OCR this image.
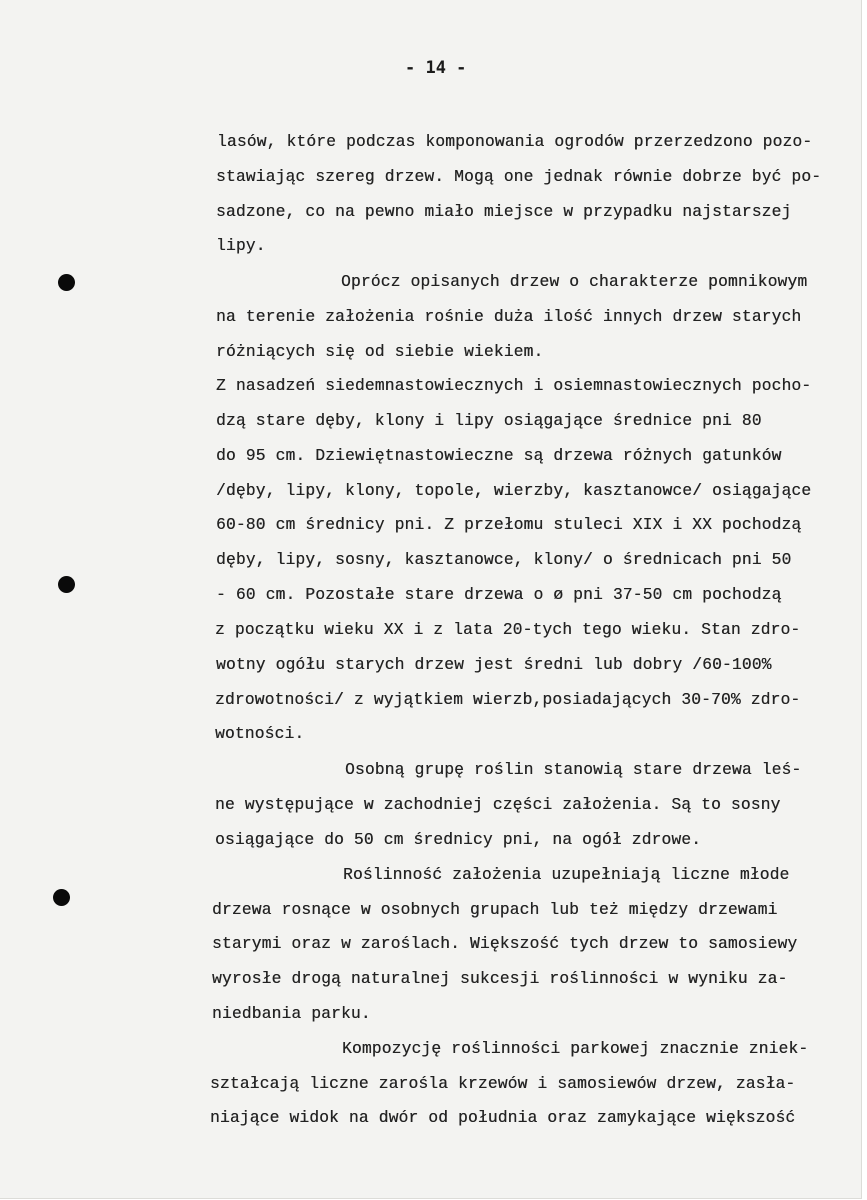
- 14 -
lasów, które podczas komponowania ogrodów przerzedzono pozo-
stawiając szereg drzew. Mogą one jednak równie dobrze być po-
sadzone, co na pewno miało miejsce w przypadku najstarszej
lipy.
Oprócz opisanych drzew o charakterze pomnikowym
na terenie założenia rośnie duża ilość innych drzew starych
różniących się od siebie wiekiem.
Z nasadzeń siedemnastowiecznych i osiemnastowiecznych pocho-
dzą stare dęby, klony i lipy osiągające średnice pni 80
do 95 cm. Dziewiętnastowieczne są drzewa różnych gatunków
/dęby, lipy, klony, topole, wierzby, kasztanowce/ osiągające
60-80 cm średnicy pni. Z przełomu stuleci XIX i XX pochodzą
dęby, lipy, sosny, kasztanowce, klony/ o średnicach pni 50
- 60 cm. Pozostałe stare drzewa o ø pni 37-50 cm pochodzą
z początku wieku XX i z lata 20-tych tego wieku. Stan zdro-
wotny ogółu starych drzew jest średni lub dobry /60-100%
zdrowotności/ z wyjątkiem wierzb,posiadających 30-70% zdro-
wotności.
Osobną grupę roślin stanowią stare drzewa leś-
ne występujące w zachodniej części założenia. Są to sosny
osiągające do 50 cm średnicy pni, na ogół zdrowe.
Roślinność założenia uzupełniają liczne młode
drzewa rosnące w osobnych grupach lub też między drzewami
starymi oraz w zaroślach. Większość tych drzew to samosiewy
wyrosłe drogą naturalnej sukcesji roślinności w wyniku za-
niedbania parku.
Kompozycję roślinności parkowej znacznie zniek-
ształcają liczne zarośla krzewów i samosiewów drzew, zasła-
niające widok na dwór od południa oraz zamykające większość
